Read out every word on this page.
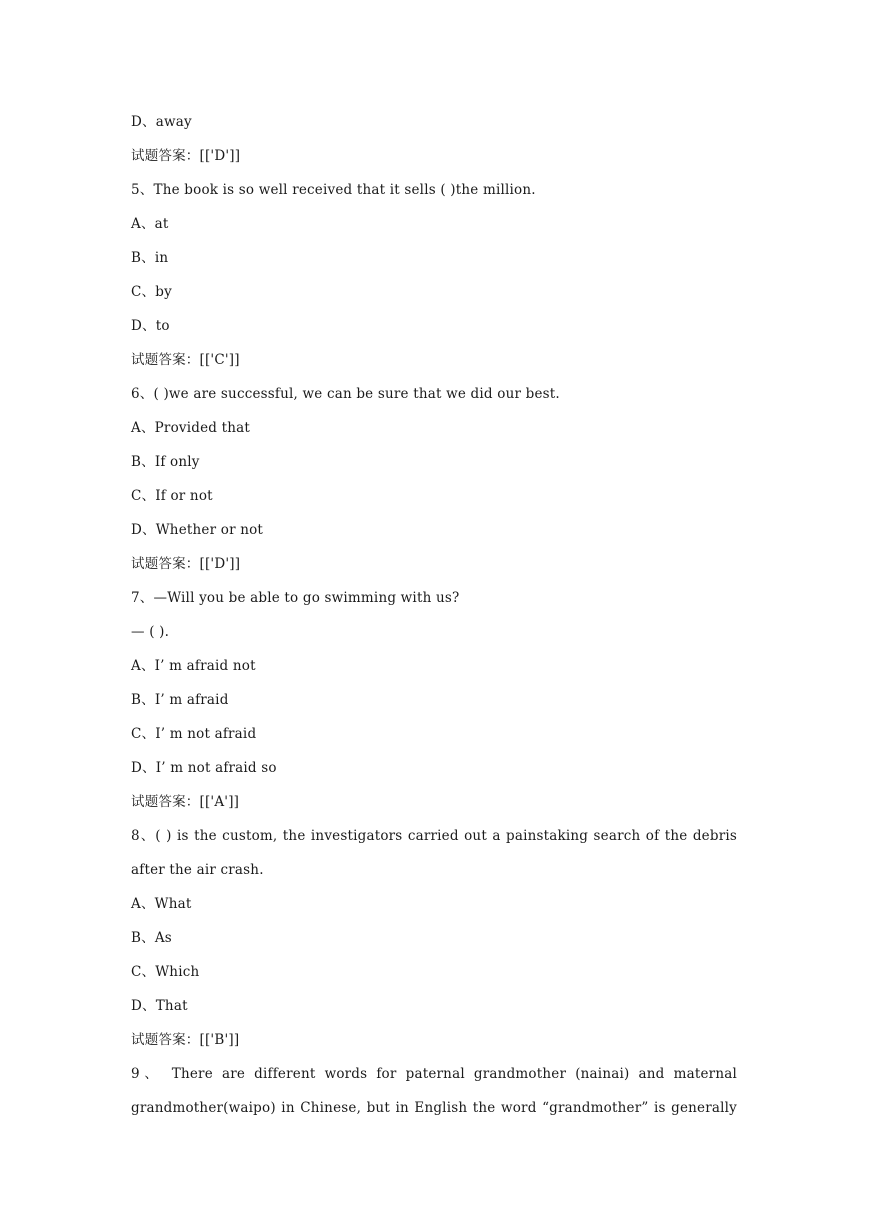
D、away
试题答案：[['D']]
5、The book is so well received that it sells ( )the million.
A、at
B、in
C、by
D、to
试题答案：[['C']]
6、( )we are successful, we can be sure that we did our best.
A、Provided that
B、If only
C、If or not
D、Whether or not
试题答案：[['D']]
7、—Will you be able to go swimming with us?
— ( ).
A、I’ m afraid not
B、I’ m afraid
C、I’ m not afraid
D、I’ m not afraid so
试题答案：[['A']]
8、( ) is the custom, the investigators carried out a painstaking search of the debris
after the air crash.
A、What
B、As
C、Which
D、That
试题答案：[['B']]
9、 There are different words for paternal grandmother (nainai) and maternal
grandmother(waipo) in Chinese, but in English the word “grandmother” is generally
